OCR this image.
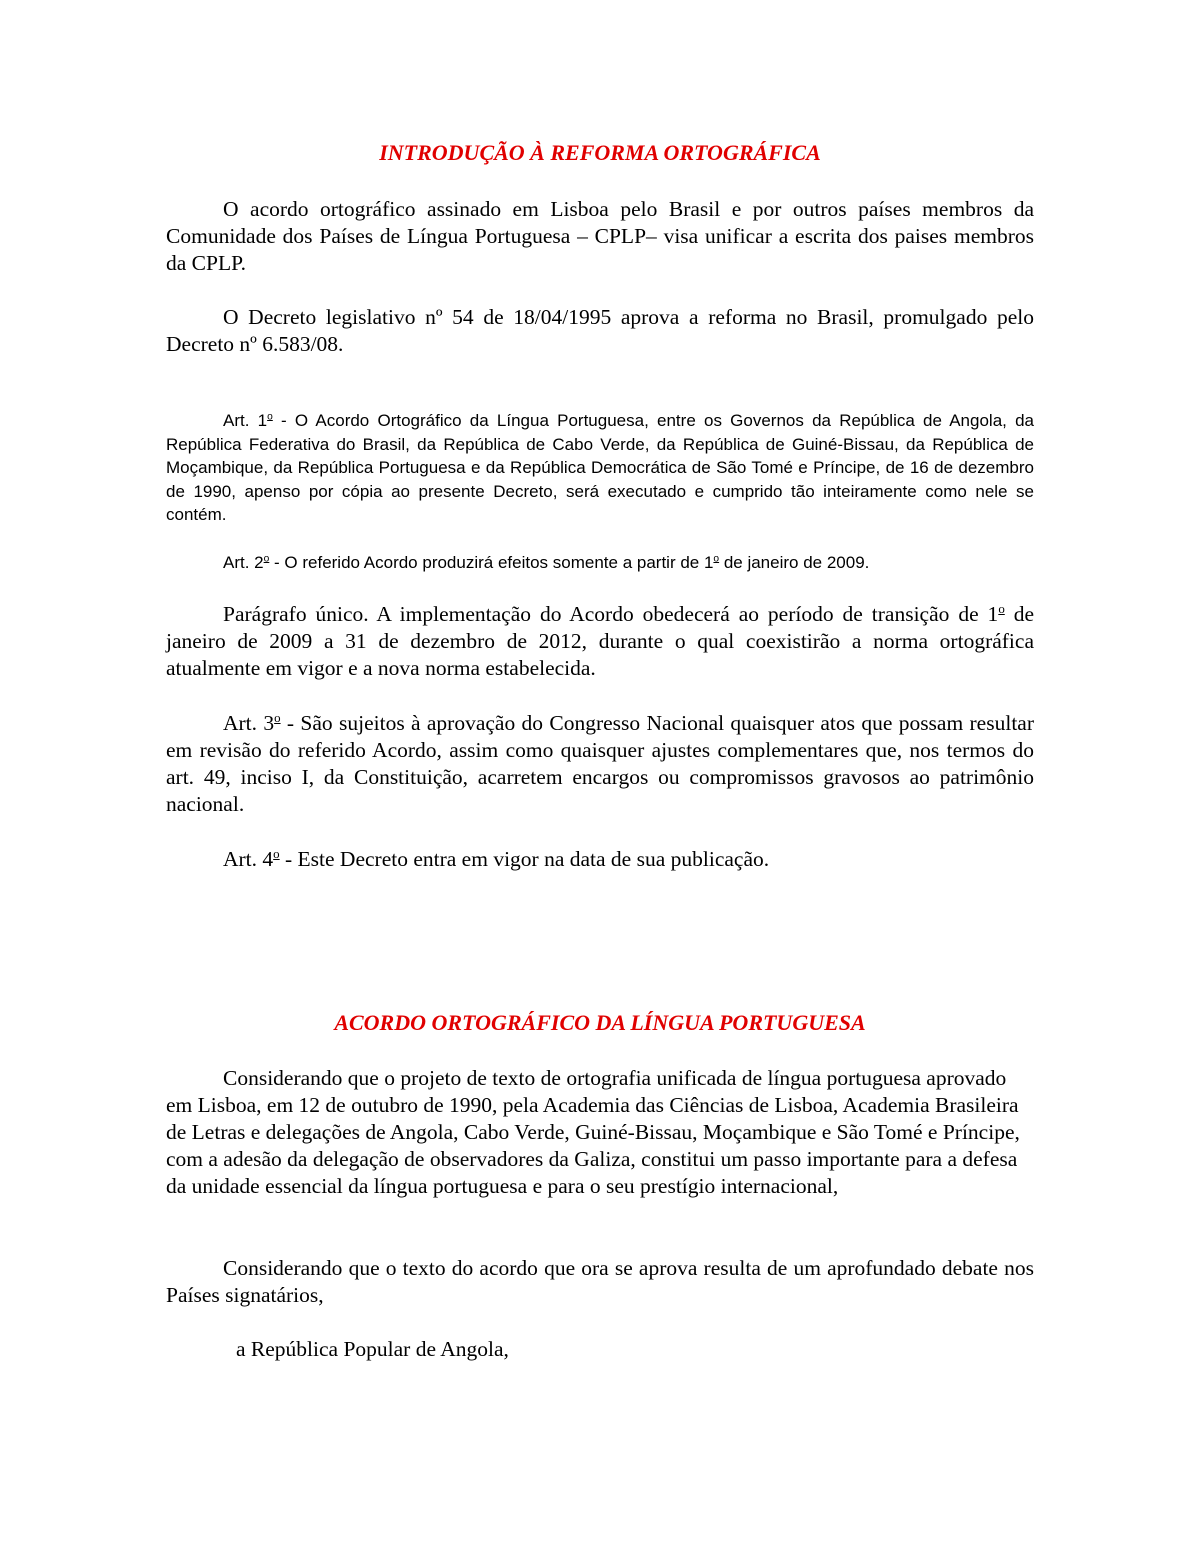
INTRODUÇÃO À REFORMA ORTOGRÁFICA

O acordo ortográfico assinado em Lisboa pelo Brasil e por outros países membros da Comunidade dos Países de Língua Portuguesa – CPLP– visa unificar a escrita dos paises membros da CPLP.

O Decreto legislativo nº 54 de 18/04/1995 aprova a reforma no Brasil, promulgado pelo Decreto nº 6.583/08.

Art. 1$^o$ - O Acordo Ortográfico da Língua Portuguesa, entre os Governos da República de Angola, da República Federativa do Brasil, da República de Cabo Verde, da República de Guiné-Bissau, da República de Moçambique, da República Portuguesa e da República Democrática de São Tomé e Príncipe, de 16 de dezembro de 1990, apenso por cópia ao presente Decreto, será executado e cumprido tão inteiramente como nele se contém.

Art. 2$^o$ - O referido Acordo produzirá efeitos somente a partir de 1$^o$ de janeiro de 2009.

Parágrafo único. A implementação do Acordo obedecerá ao período de transição de 1$^o$ de janeiro de 2009 a 31 de dezembro de 2012, durante o qual coexistirão a norma ortográfica atualmente em vigor e a nova norma estabelecida.

Art. 3$^o$ - São sujeitos à aprovação do Congresso Nacional quaisquer atos que possam resultar em revisão do referido Acordo, assim como quaisquer ajustes complementares que, nos termos do art. 49, inciso I, da Constituição, acarretem encargos ou compromissos gravosos ao patrimônio nacional.

Art. 4$^o$ - Este Decreto entra em vigor na data de sua publicação.

ACORDO ORTOGRÁFICO DA LÍNGUA PORTUGUESA

Considerando que o projeto de texto de ortografia unificada de língua portuguesa aprovado em Lisboa, em 12 de outubro de 1990, pela Academia das Ciências de Lisboa, Academia Brasileira de Letras e delegações de Angola, Cabo Verde, Guiné-Bissau, Moçambique e São Tomé e Príncipe, com a adesão da delegação de observadores da Galiza, constitui um passo importante para a defesa da unidade essencial da língua portuguesa e para o seu prestígio internacional,

Considerando que o texto do acordo que ora se aprova resulta de um aprofundado debate nos Países signatários,

a República Popular de Angola,
